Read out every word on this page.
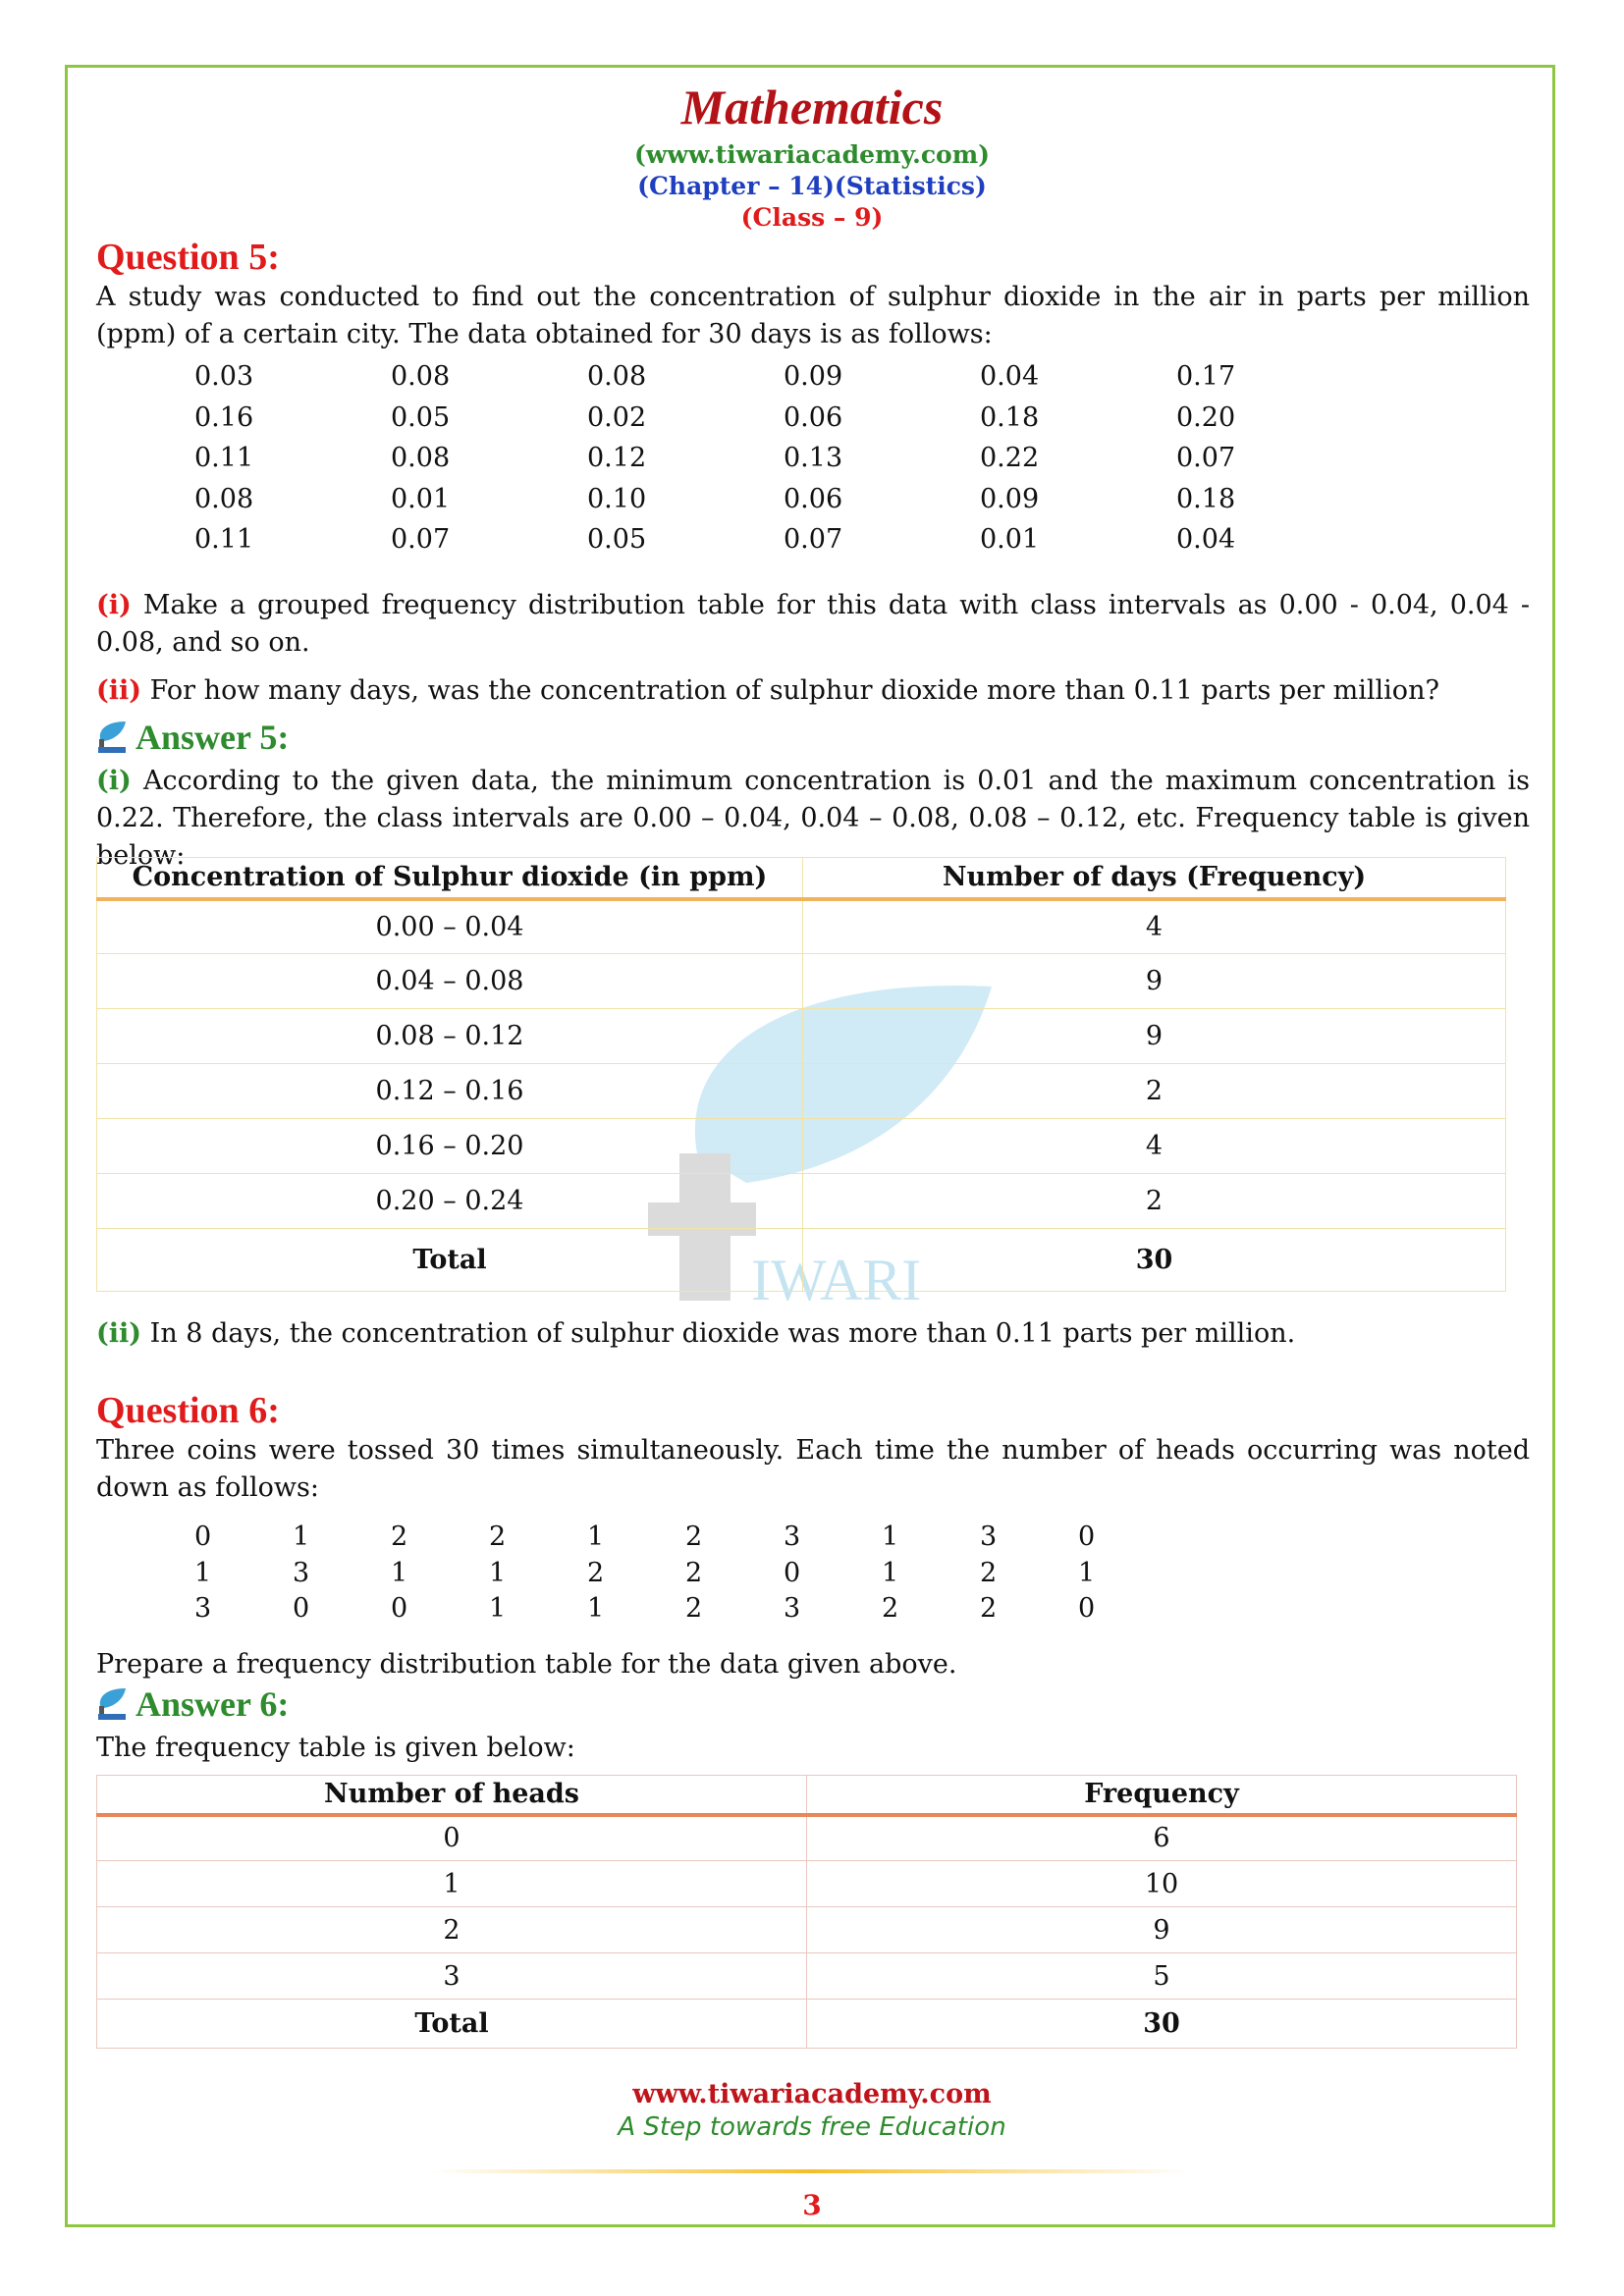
Mathematics
(www.tiwariacademy.com)
(Chapter – 14)(Statistics)
(Class – 9)
IWARI
Question 5:
A study was conducted to find out the concentration of sulphur dioxide in the air in parts per million (ppm) of a certain city. The data obtained for 30 days is as follows:
0.03	0.08	0.08	0.09	0.04	0.17
0.16	0.05	0.02	0.06	0.18	0.20
0.11	0.08	0.12	0.13	0.22	0.07
0.08	0.01	0.10	0.06	0.09	0.18
0.11	0.07	0.05	0.07	0.01	0.04
(i) Make a grouped frequency distribution table for this data with class intervals as 0.00 - 0.04, 0.04 - 0.08, and so on.
(ii) For how many days, was the concentration of sulphur dioxide more than 0.11 parts per million?
Answer 5:
(i) According to the given data, the minimum concentration is 0.01 and the maximum concentration is 0.22. Therefore, the class intervals are 0.00 – 0.04, 0.04 – 0.08, 0.08 – 0.12, etc. Frequency table is given below:
Concentration of Sulphur dioxide (in ppm)	Number of days (Frequency)
0.00 – 0.04	4
0.04 – 0.08	9
0.08 – 0.12	9
0.12 – 0.16	2
0.16 – 0.20	4
0.20 – 0.24	2
Total	30
(ii) In 8 days, the concentration of sulphur dioxide was more than 0.11 parts per million.
Question 6:
Three coins were tossed 30 times simultaneously. Each time the number of heads occurring was noted down as follows:
0	1	2	2	1	2	3	1	3	0
1	3	1	1	2	2	0	1	2	1
3	0	0	1	1	2	3	2	2	0
Prepare a frequency distribution table for the data given above.
Answer 6:
The frequency table is given below:
Number of heads	Frequency
0	6
1	10
2	9
3	5
Total	30
www.tiwariacademy.com
A Step towards free Education
3
